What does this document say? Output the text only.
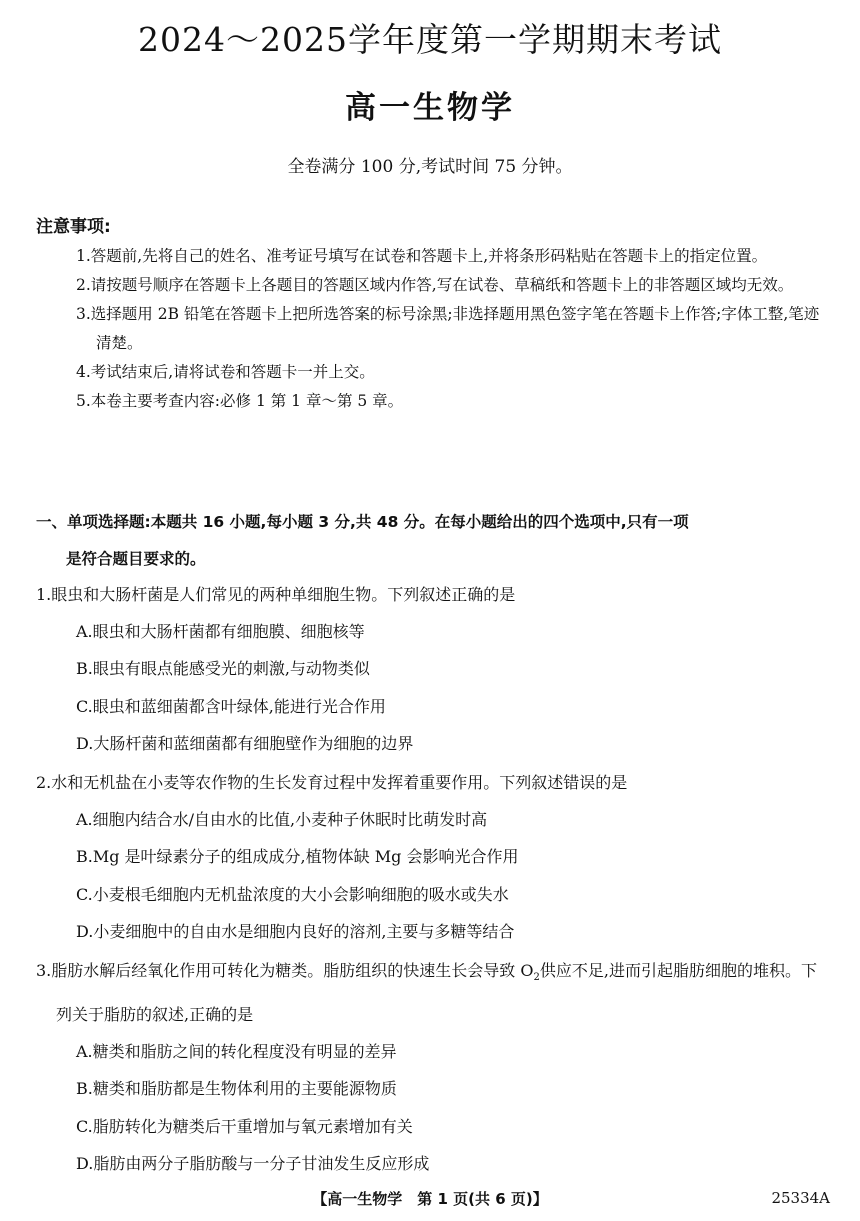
2024～2025学年度第一学期期末考试
高一生物学
全卷满分 100 分,考试时间 75 分钟。
注意事项:

1.答题前,先将自己的姓名、准考证号填写在试卷和答题卡上,并将条形码粘贴在答题卡上的指定位置。

2.请按题号顺序在答题卡上各题目的答题区域内作答,写在试卷、草稿纸和答题卡上的非答题区域均无效。

3.选择题用 2B 铅笔在答题卡上把所选答案的标号涂黑;非选择题用黑色签字笔在答题卡上作答;字体工整,笔迹清楚。

4.考试结束后,请将试卷和答题卡一并上交。

5.本卷主要考查内容:必修 1 第 1 章～第 5 章。

一、单项选择题:本题共 16 小题,每小题 3 分,共 48 分。在每小题给出的四个选项中,只有一项
是符合题目要求的。

1.眼虫和大肠杆菌是人们常见的两种单细胞生物。下列叙述正确的是

A.眼虫和大肠杆菌都有细胞膜、细胞核等

B.眼虫有眼点能感受光的刺激,与动物类似

C.眼虫和蓝细菌都含叶绿体,能进行光合作用

D.大肠杆菌和蓝细菌都有细胞壁作为细胞的边界

2.水和无机盐在小麦等农作物的生长发育过程中发挥着重要作用。下列叙述错误的是

A.细胞内结合水/自由水的比值,小麦种子休眠时比萌发时高

B.Mg 是叶绿素分子的组成成分,植物体缺 Mg 会影响光合作用

C.小麦根毛细胞内无机盐浓度的大小会影响细胞的吸水或失水

D.小麦细胞中的自由水是细胞内良好的溶剂,主要与多糖等结合

3.脂肪水解后经氧化作用可转化为糖类。脂肪组织的快速生长会导致 $O_2$供应不足,进而引起脂肪细胞的堆积。下列关于脂肪的叙述,正确的是

A.糖类和脂肪之间的转化程度没有明显的差异

B.糖类和脂肪都是生物体利用的主要能源物质

C.脂肪转化为糖类后干重增加与氧元素增加有关

D.脂肪由两分子脂肪酸与一分子甘油发生反应形成

【高一生物学　第 1 页(共 6 页)】	25334A
